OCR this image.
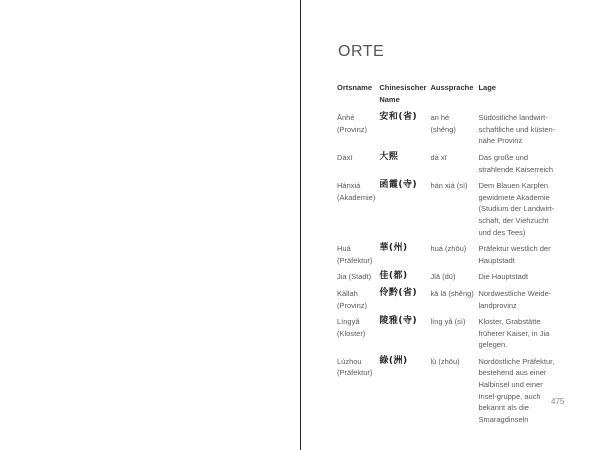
ORTE
Ortsname	Chinesischer Name	Aussprache	Lage
Ānhé (Provinz)	安和(省)	an hé (shěng)	Südöstliche landwirt-schaftliche und küsten-nahe Provinz
Dàxī	大熙	dà xī	Das große und strahlende Kaiserreich
Hánxiá (Akademie)	函霞(寺)	hán xiá (sì)	Dem Blauen Karpfen gewidmete Akademie (Studium der Landwirt-schaft, der Viehzucht und des Tees)
Huá (Präfektur)	華(州)	huá (zhōu)	Präfektur westlich der Hauptstadt
Jia (Stadt)	佳(都)	Jiā (dū)	Die Hauptstadt
Kàllah (Provinz)	伶黔(省)	kā lā (shěng)	Nordwestliche Weide-landprovinz
Língyǎ (Kloster)	陵雅(寺)	líng yǎ (sì)	Kloster, Grabstätte früherer Kaiser, in Jia gelegen.
Lùzhou (Präfektur)	綠(洲)	lǜ (zhōu)	Nordöstliche Präfektur, bestehend aus einer Halbinsel und einer Insel-gruppe, auch bekannt als die Smaragdinseln
475
